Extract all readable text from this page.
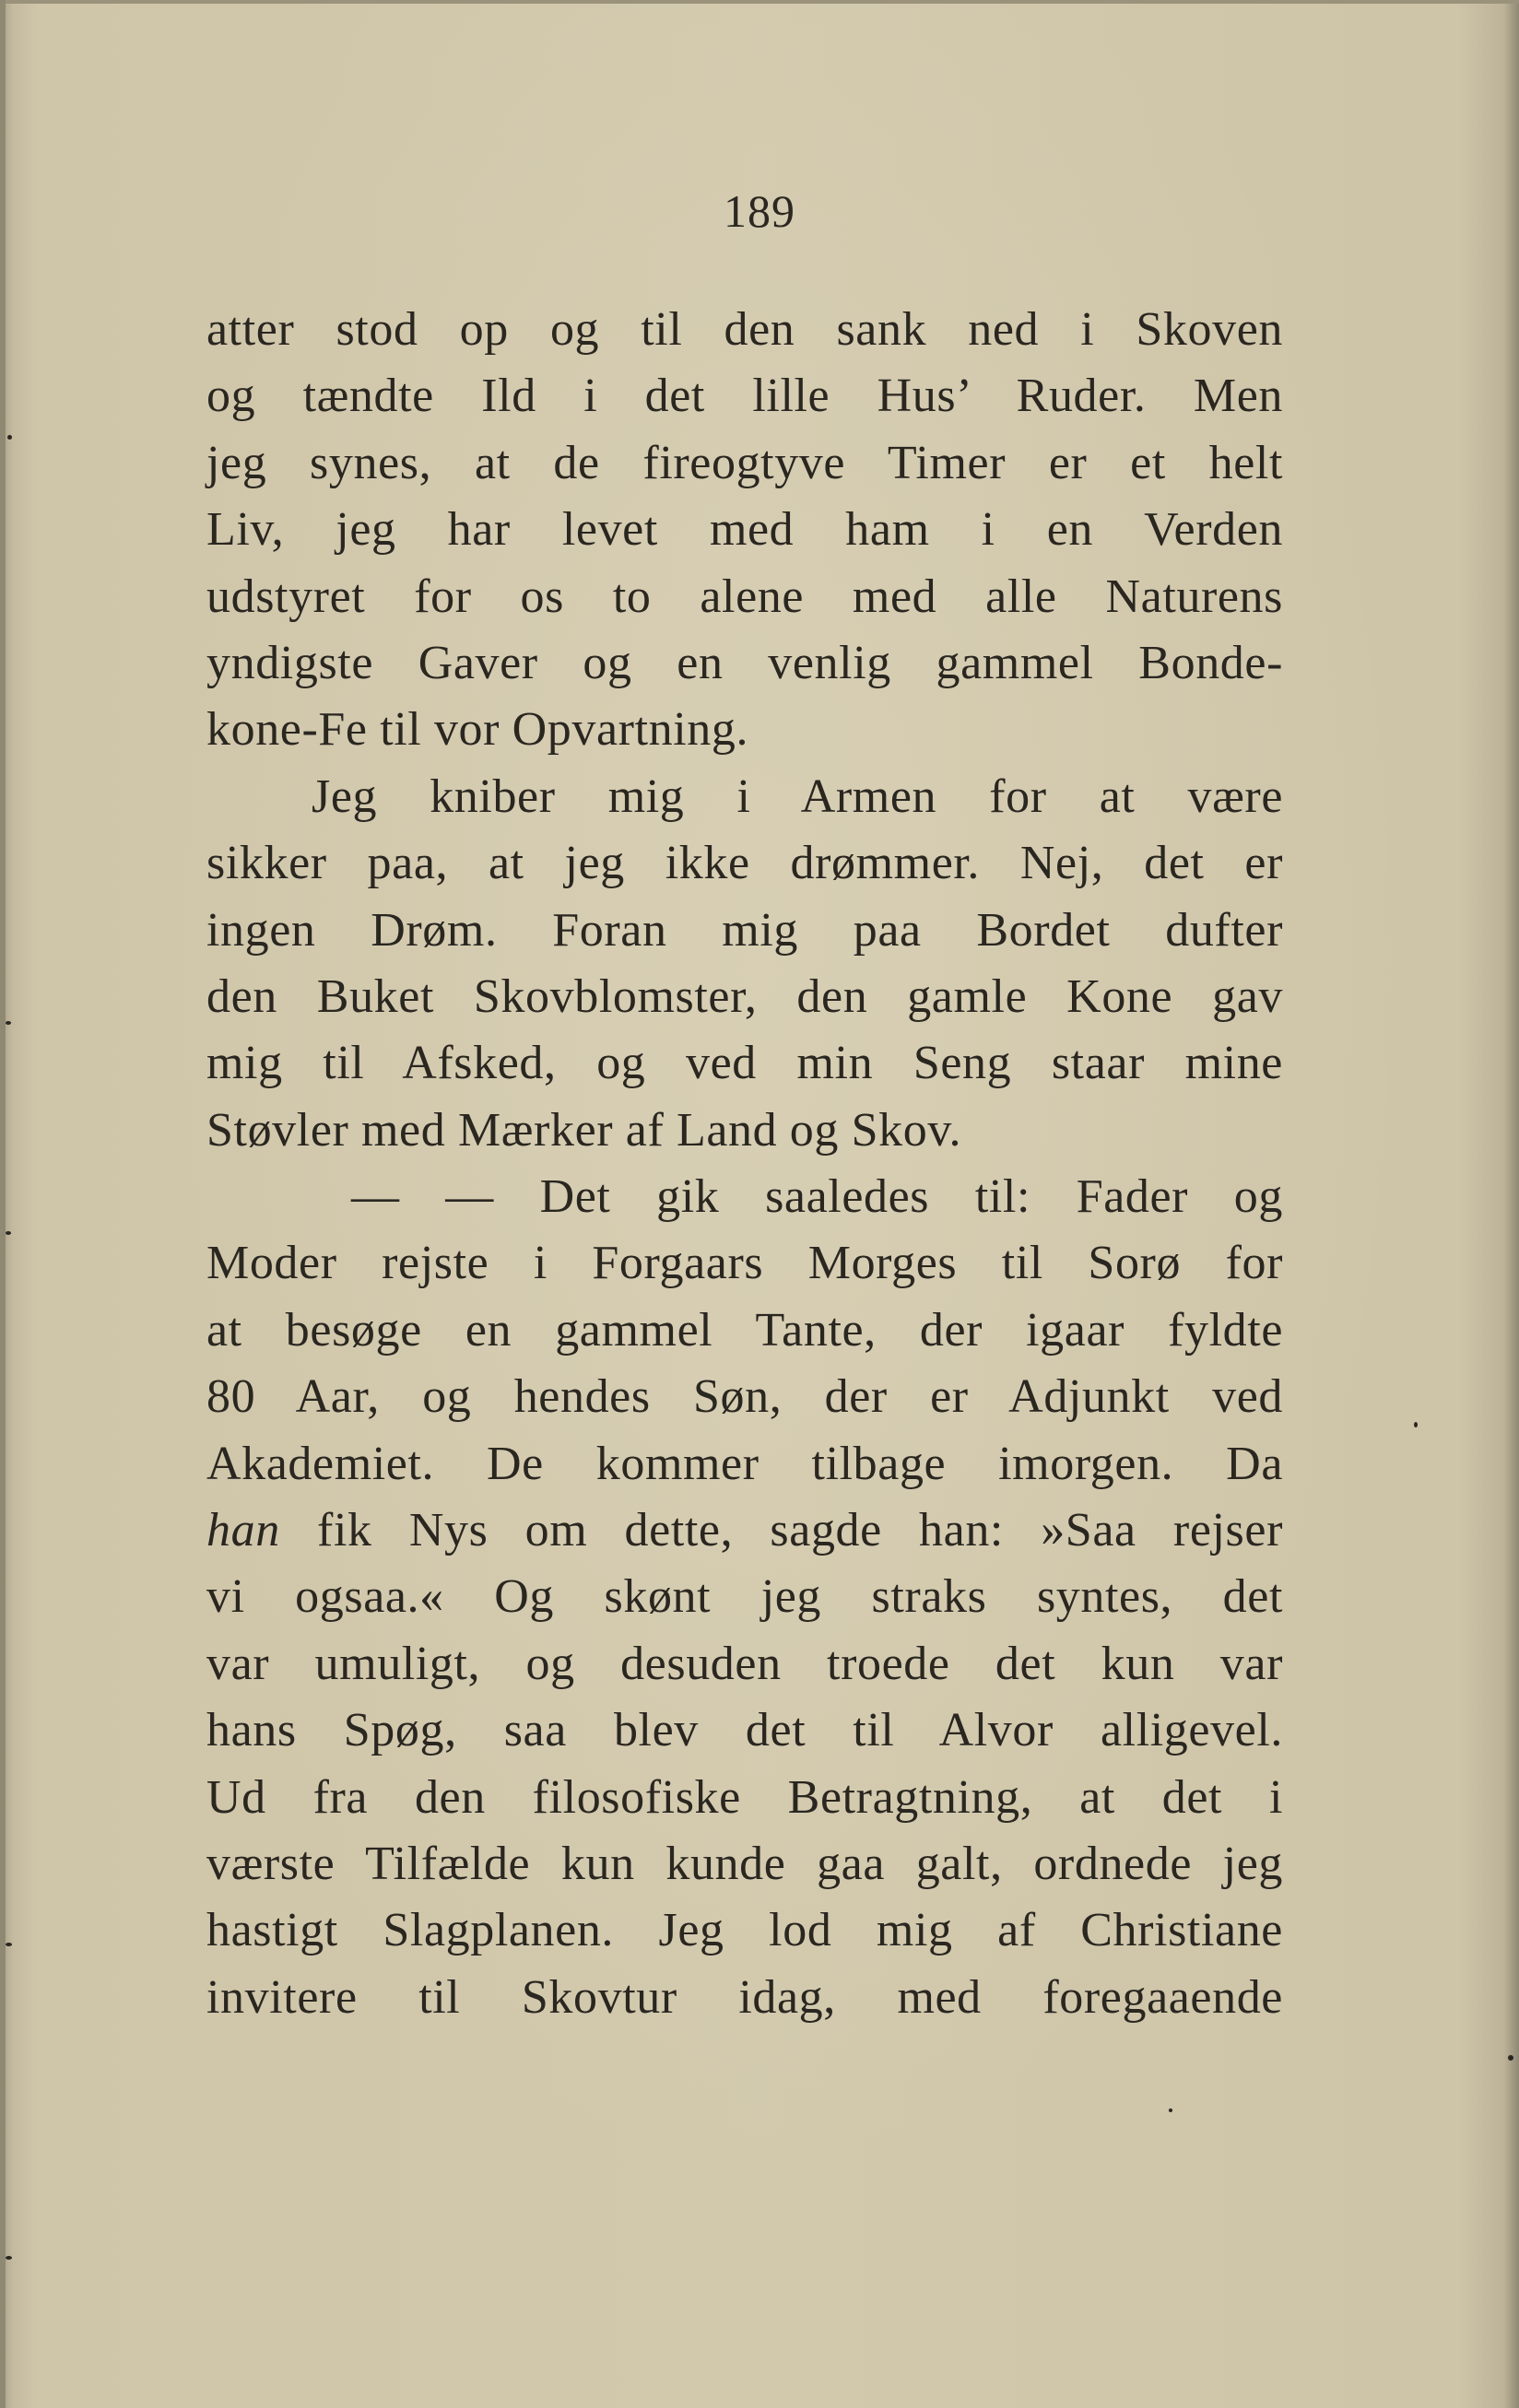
189
atter stod op og til den sank ned i Skoven
og tændte Ild i det lille Hus’ Ruder. Men
jeg synes, at de fireogtyve Timer er et helt
Liv, jeg har levet med ham i en Verden
udstyret for os to alene med alle Naturens
yndigste Gaver og en venlig gammel Bonde-
kone-Fe til vor Opvartning.
Jeg kniber mig i Armen for at være
sikker paa, at jeg ikke drømmer. Nej, det er
ingen Drøm. Foran mig paa Bordet dufter
den Buket Skovblomster, den gamle Kone gav
mig til Afsked, og ved min Seng staar mine
Støvler med Mærker af Land og Skov.
— — Det gik saaledes til: Fader og
Moder rejste i Forgaars Morges til Sorø for
at besøge en gammel Tante, der igaar fyldte
80 Aar, og hendes Søn, der er Adjunkt ved
Akademiet. De kommer tilbage imorgen. Da
han fik Nys om dette, sagde han: »Saa rejser
vi ogsaa.« Og skønt jeg straks syntes, det
var umuligt, og desuden troede det kun var
hans Spøg, saa blev det til Alvor alligevel.
Ud fra den filosofiske Betragtning, at det i
værste Tilfælde kun kunde gaa galt, ordnede jeg
hastigt Slagplanen. Jeg lod mig af Christiane
invitere til Skovtur idag, med foregaaende
